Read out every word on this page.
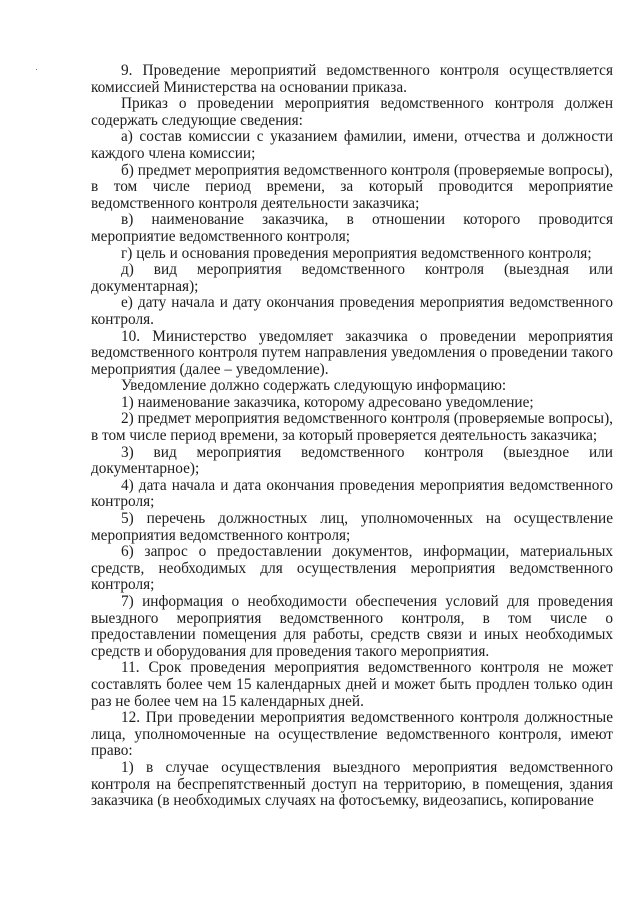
9. Проведение мероприятий ведомственного контроля осуществляется комиссией Министерства на основании приказа.

Приказ о проведении мероприятия ведомственного контроля должен содержать следующие сведения:

а) состав комиссии с указанием фамилии, имени, отчества и должности каждого члена комиссии;

б) предмет мероприятия ведомственного контроля (проверяемые вопросы), в том числе период времени, за который проводится мероприятие ведомственного контроля деятельности заказчика;

в) наименование заказчика, в отношении которого проводится мероприятие ведомственного контроля;

г) цель и основания проведения мероприятия ведомственного контроля;

д) вид мероприятия ведомственного контроля (выездная или документарная);

е) дату начала и дату окончания проведения мероприятия ведомственного контроля.

10. Министерство уведомляет заказчика о проведении мероприятия ведомственного контроля путем направления уведомления о проведении такого мероприятия (далее – уведомление).

Уведомление должно содержать следующую информацию:

1) наименование заказчика, которому адресовано уведомление;

2) предмет мероприятия ведомственного контроля (проверяемые вопросы), в том числе период времени, за который проверяется деятельность заказчика;

3) вид мероприятия ведомственного контроля (выездное или документарное);

4) дата начала и дата окончания проведения мероприятия ведомственного контроля;

5) перечень должностных лиц, уполномоченных на осуществление мероприятия ведомственного контроля;

6) запрос о предоставлении документов, информации, материальных средств, необходимых для осуществления мероприятия ведомственного контроля;

7) информация о необходимости обеспечения условий для проведения выездного мероприятия ведомственного контроля, в том числе о предоставлении помещения для работы, средств связи и иных необходимых средств и оборудования для проведения такого мероприятия.

11. Срок проведения мероприятия ведомственного контроля не может составлять более чем 15 календарных дней и может быть продлен только один раз не более чем на 15 календарных дней.

12. При проведении мероприятия ведомственного контроля должностные лица, уполномоченные на осуществление ведомственного контроля, имеют право:

1) в случае осуществления выездного мероприятия ведомственного контроля на беспрепятственный доступ на территорию, в помещения, здания заказчика (в необходимых случаях на фотосъемку, видеозапись, копирование
